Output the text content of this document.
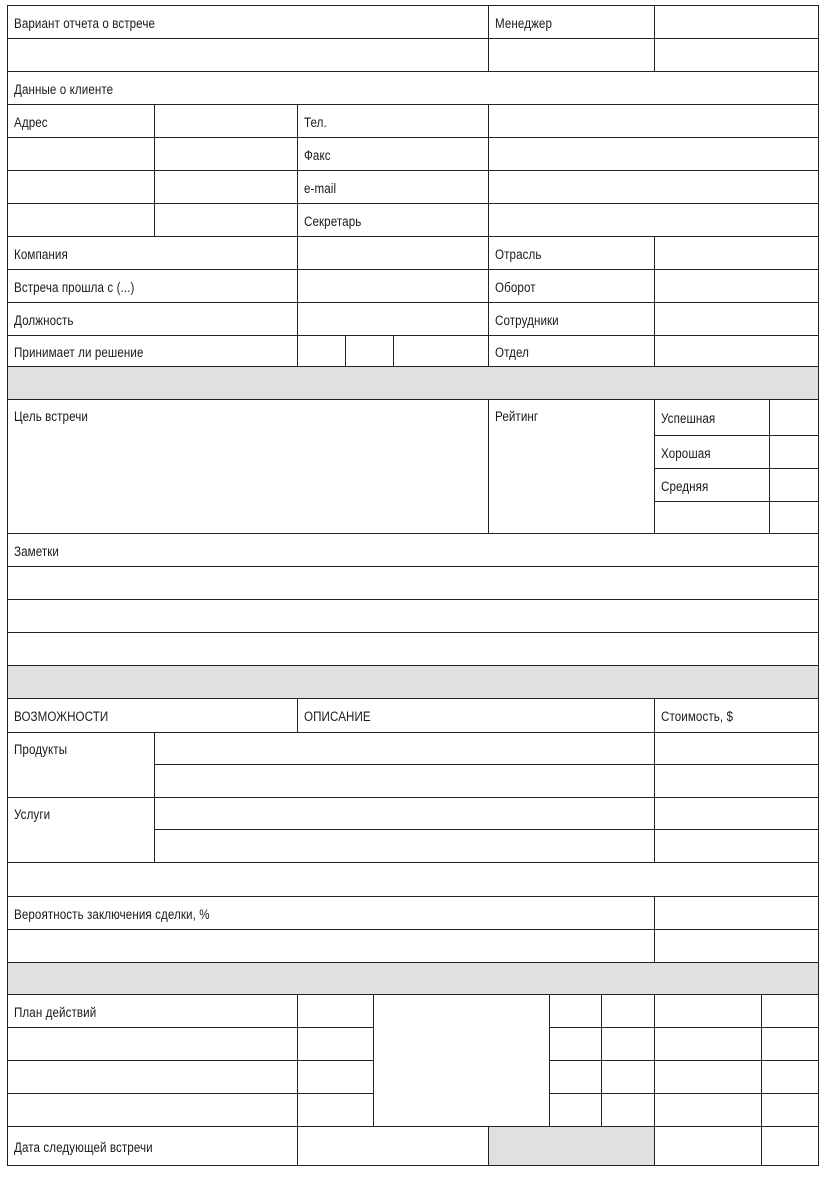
Вариант отчета о встрече	Менеджер
Данные о клиенте
Адрес	Тел.
Факс
e-mail
Секретарь
Компания	Отрасль
Встреча прошла с (...)	Оборот
Должность	Сотрудники
Принимает ли решение	Отдел
Цель встречи	Рейтинг	Успешная
Хорошая
Средняя
Заметки
ВОЗМОЖНОСТИ	ОПИСАНИЕ	Стоимость, $
Продукты
Услуги
Вероятность заключения сделки, %
План действий
Дата следующей встречи
